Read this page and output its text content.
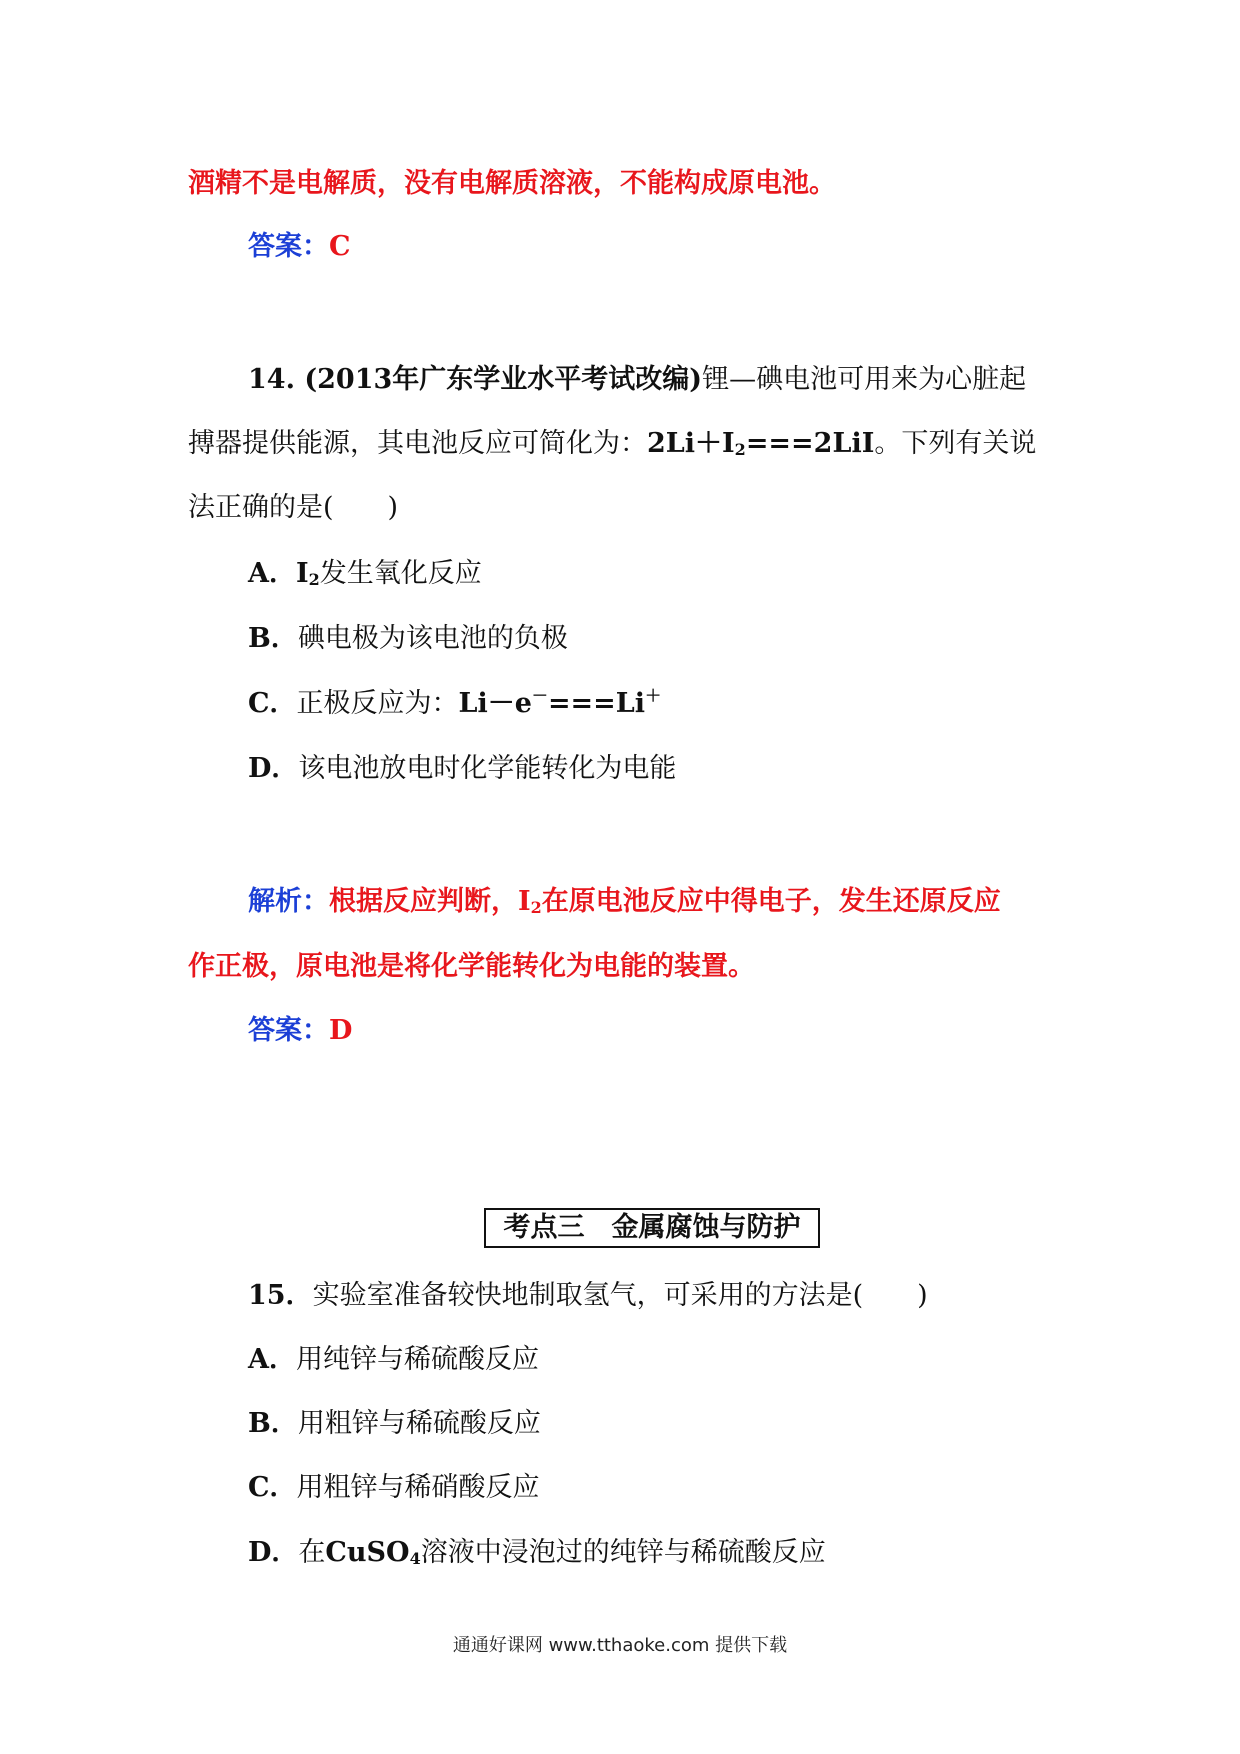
酒精不是电解质，没有电解质溶液，不能构成原电池。
答案：C
14. (2013年广东学业水平考试改编)锂—碘电池可用来为心脏起
搏器提供能源，其电池反应可简化为：$2Li+I_2===2LiI$。下列有关说
法正确的是(　　)
A．$I_2$发生氧化反应
B．碘电极为该电池的负极
C．正极反应为：Li－e－===Li＋
D．该电池放电时化学能转化为电能
解析：根据反应判断，$I_2$在原电池反应中得电子，发生还原反应
作正极，原电池是将化学能转化为电能的装置。
答案：D
考点三　金属腐蚀与防护
15．实验室准备较快地制取氢气，可采用的方法是(　　)
A．用纯锌与稀硫酸反应
B．用粗锌与稀硫酸反应
C．用粗锌与稀硝酸反应
D．在CuSO$_4$溶液中浸泡过的纯锌与稀硫酸反应
通通好课网 www.tthaoke.com 提供下载
